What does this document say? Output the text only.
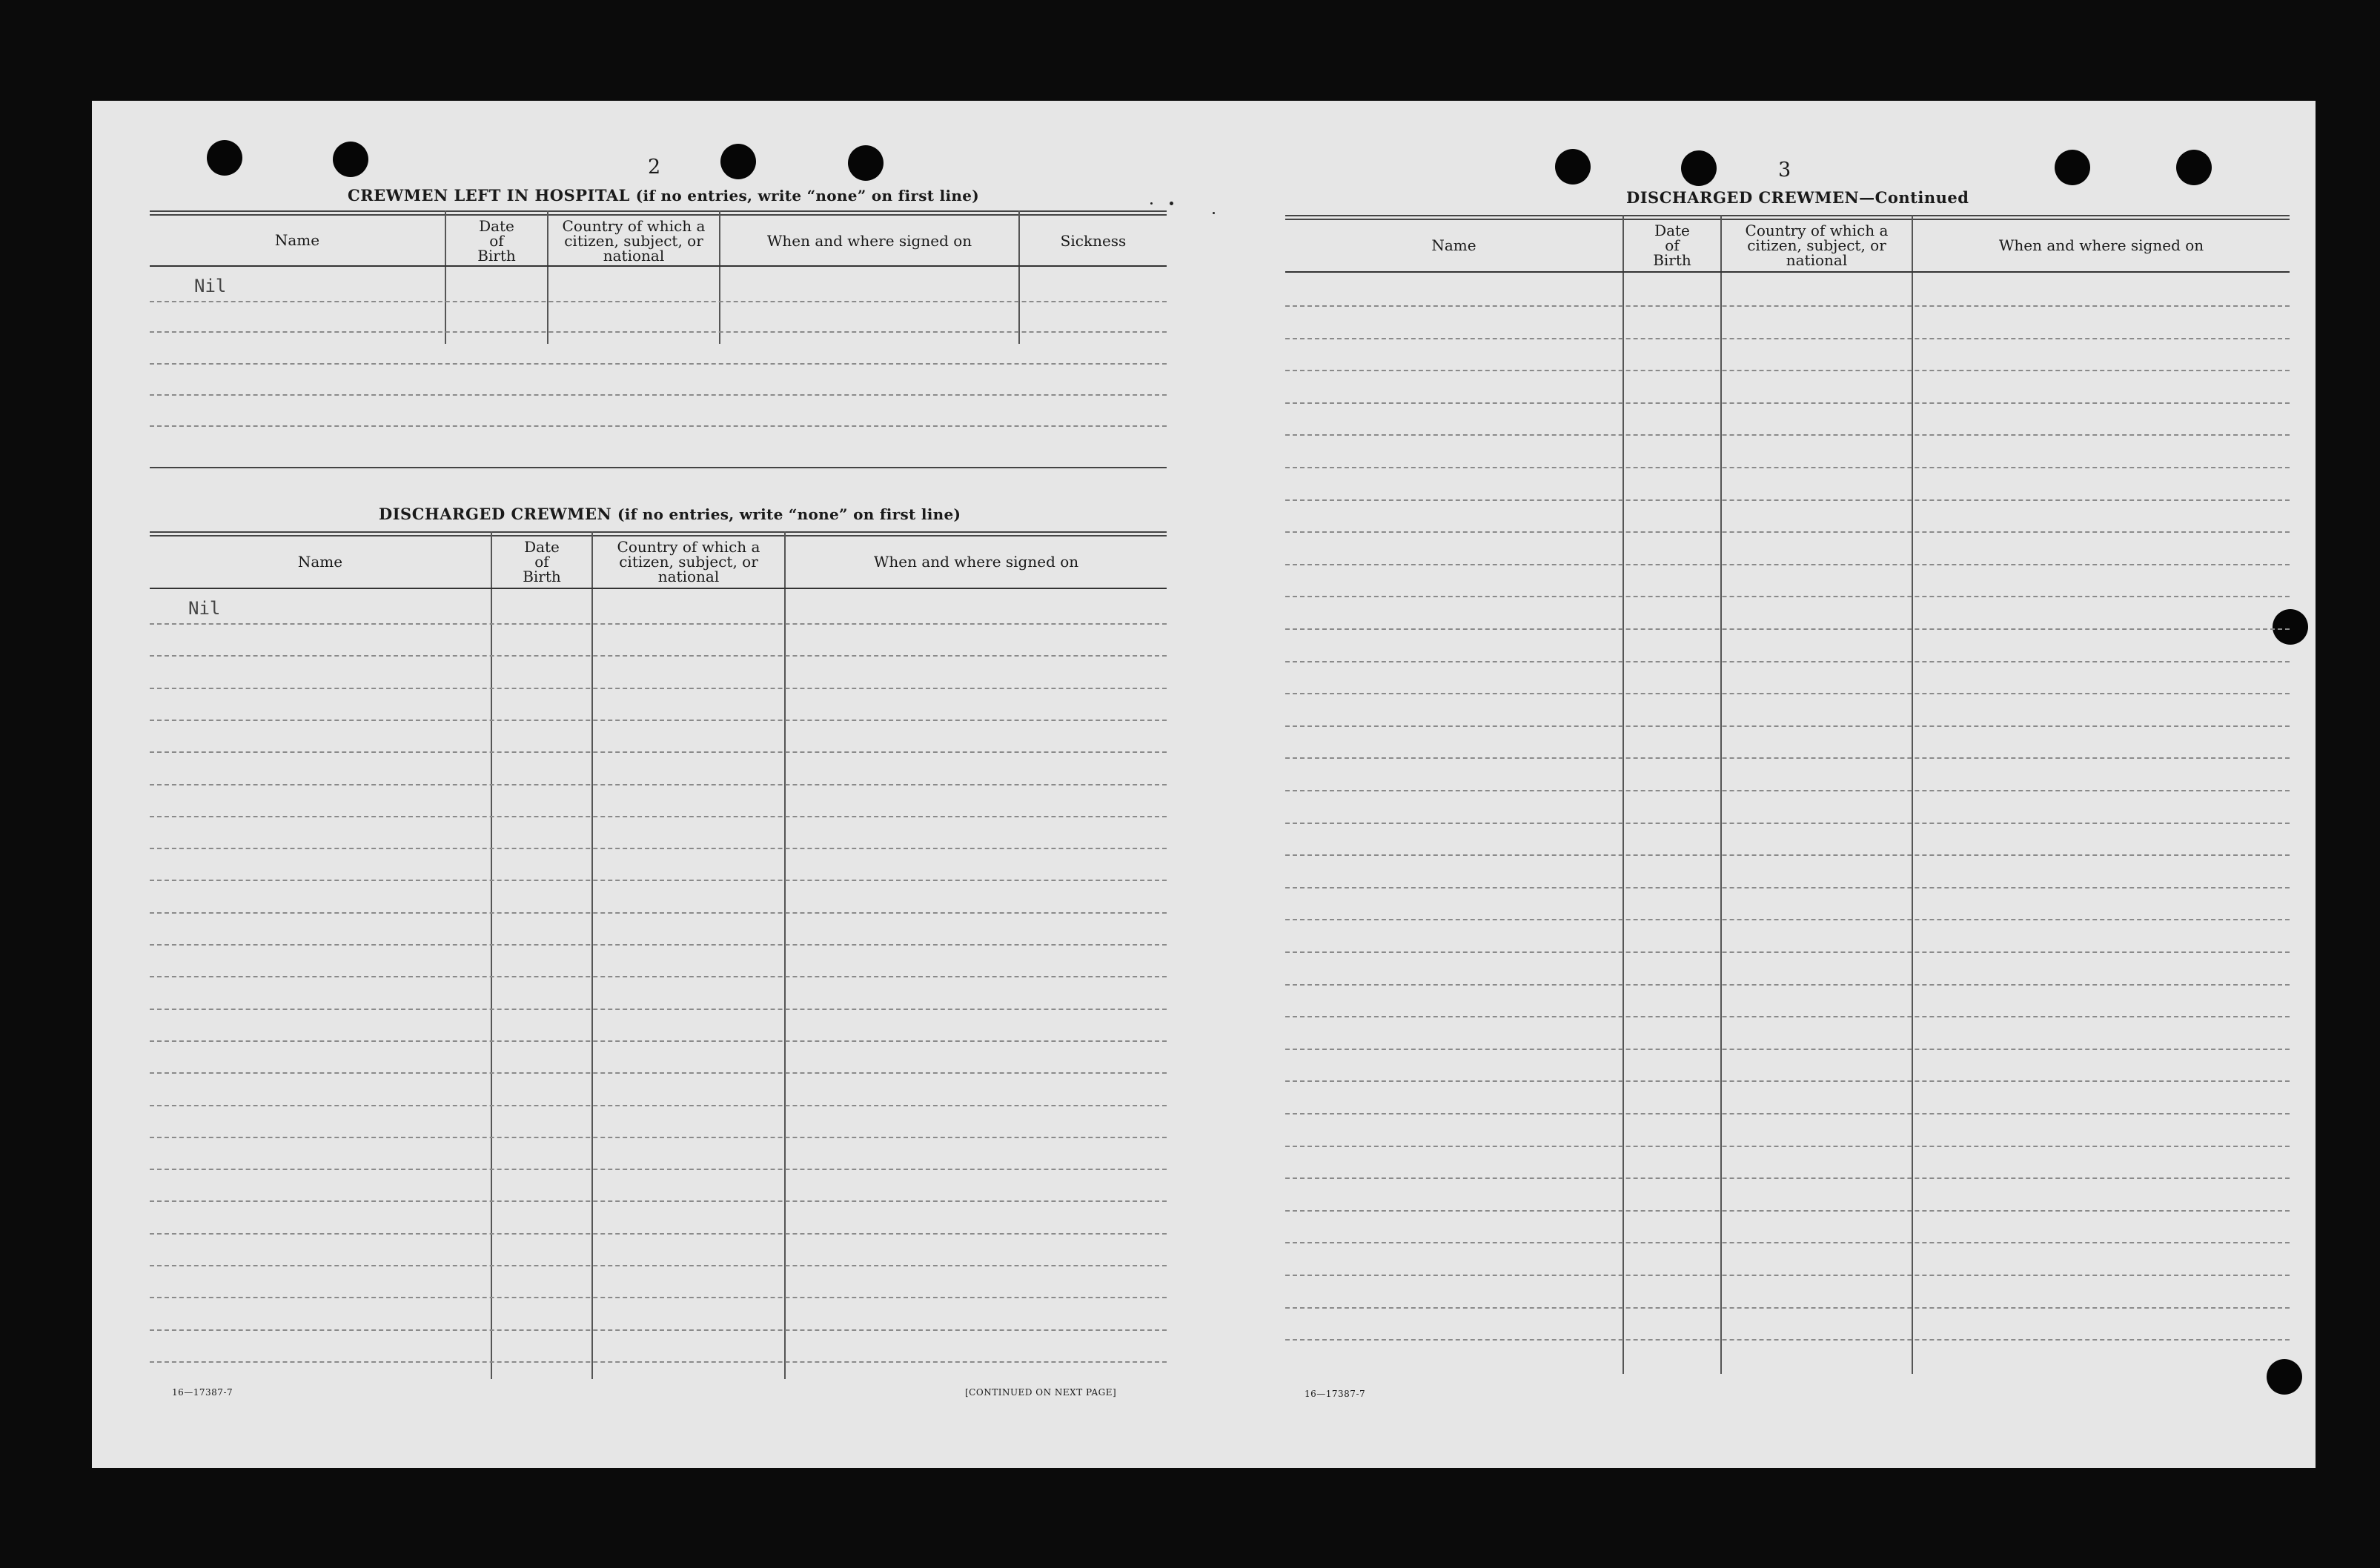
2
CREWMEN LEFT IN HOSPITAL (if no entries, write “none” on first line)
Name
Date
of
Birth
Country of which a
citizen, subject, or
national
When and where signed on	Sickness
Nil
DISCHARGED CREWMEN (if no entries, write “none” on first line)
Name
Date
of
Birth
Country of which a
citizen, subject, or
national
When and where signed on
Nil
16—17387-7	[CONTINUED ON NEXT PAGE]
3
DISCHARGED CREWMEN—Continued
Name
Date
of
Birth
Country of which a
citizen, subject, or
national
When and where signed on
16—17387-7
